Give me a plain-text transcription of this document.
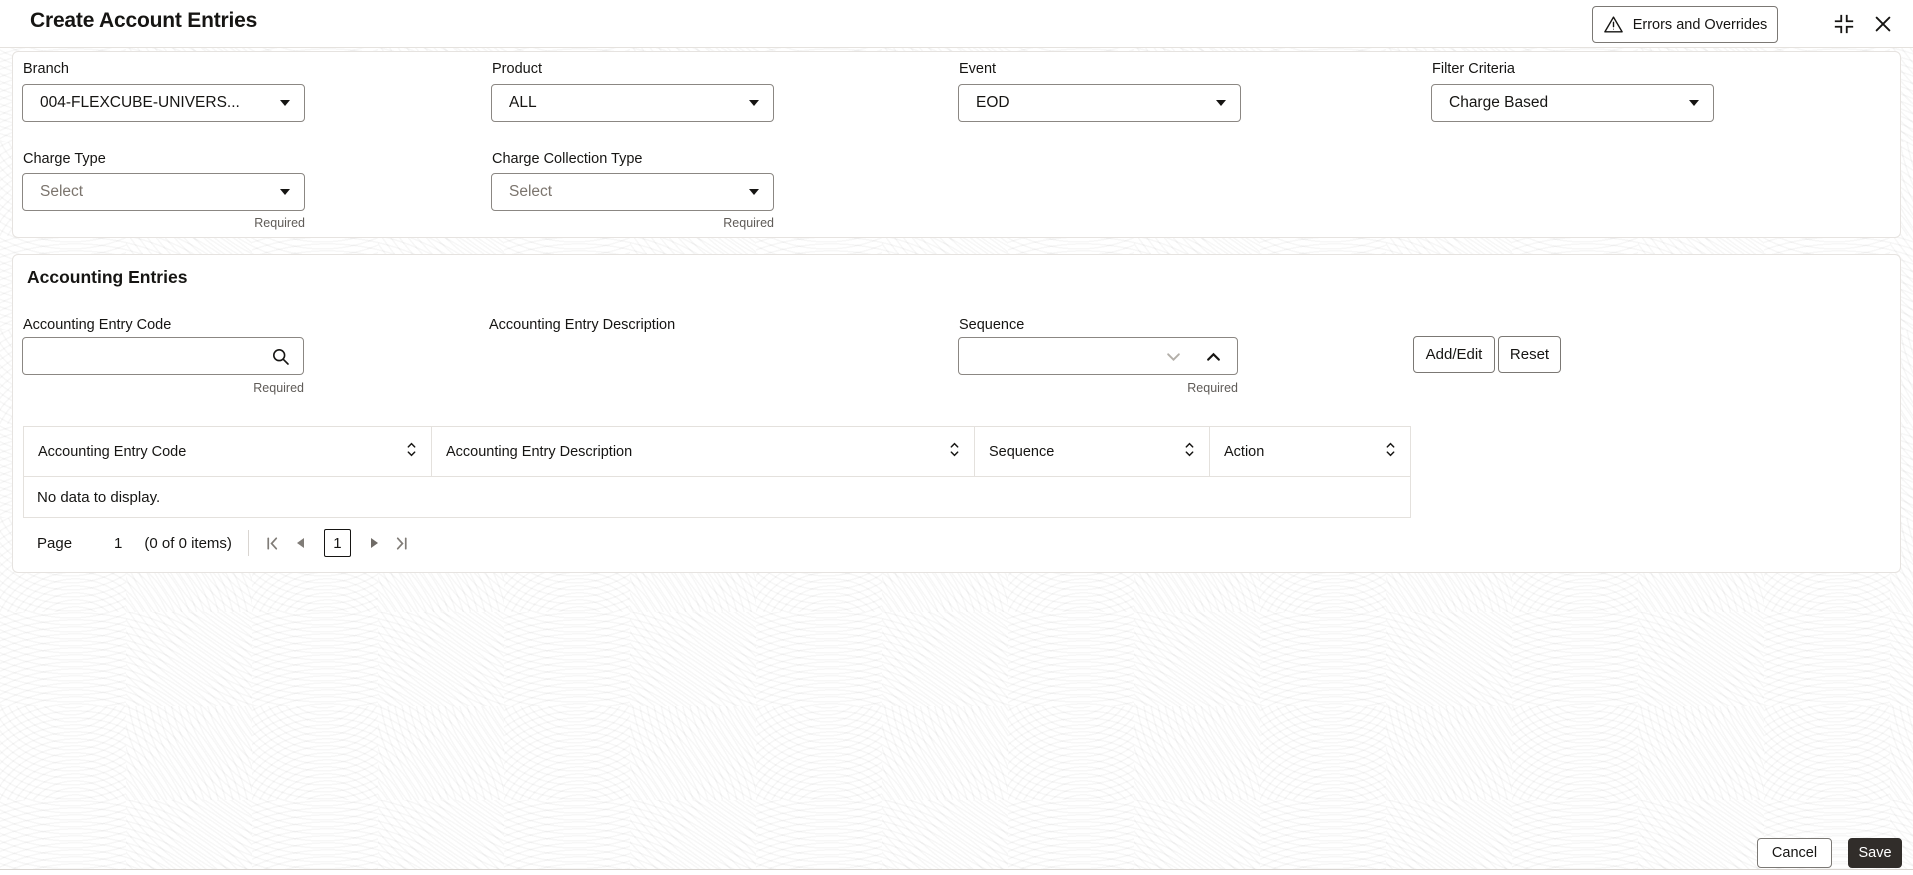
Create Account Entries	Errors and Overrides
Branch
004-FLEXCUBE-UNIVERS...
Product
ALL
Event
EOD
Filter Criteria
Charge Based
Charge Type
Select
Required
Charge Collection Type
Select
Required
Accounting Entries
Accounting Entry Code
Required
Accounting Entry Description	Sequence
Required
Add/Edit	Reset
Accounting Entry Code	Accounting Entry Description	Sequence	Action
No data to display.
Page	1 (0 of 0 items)	1
Cancel	Save
